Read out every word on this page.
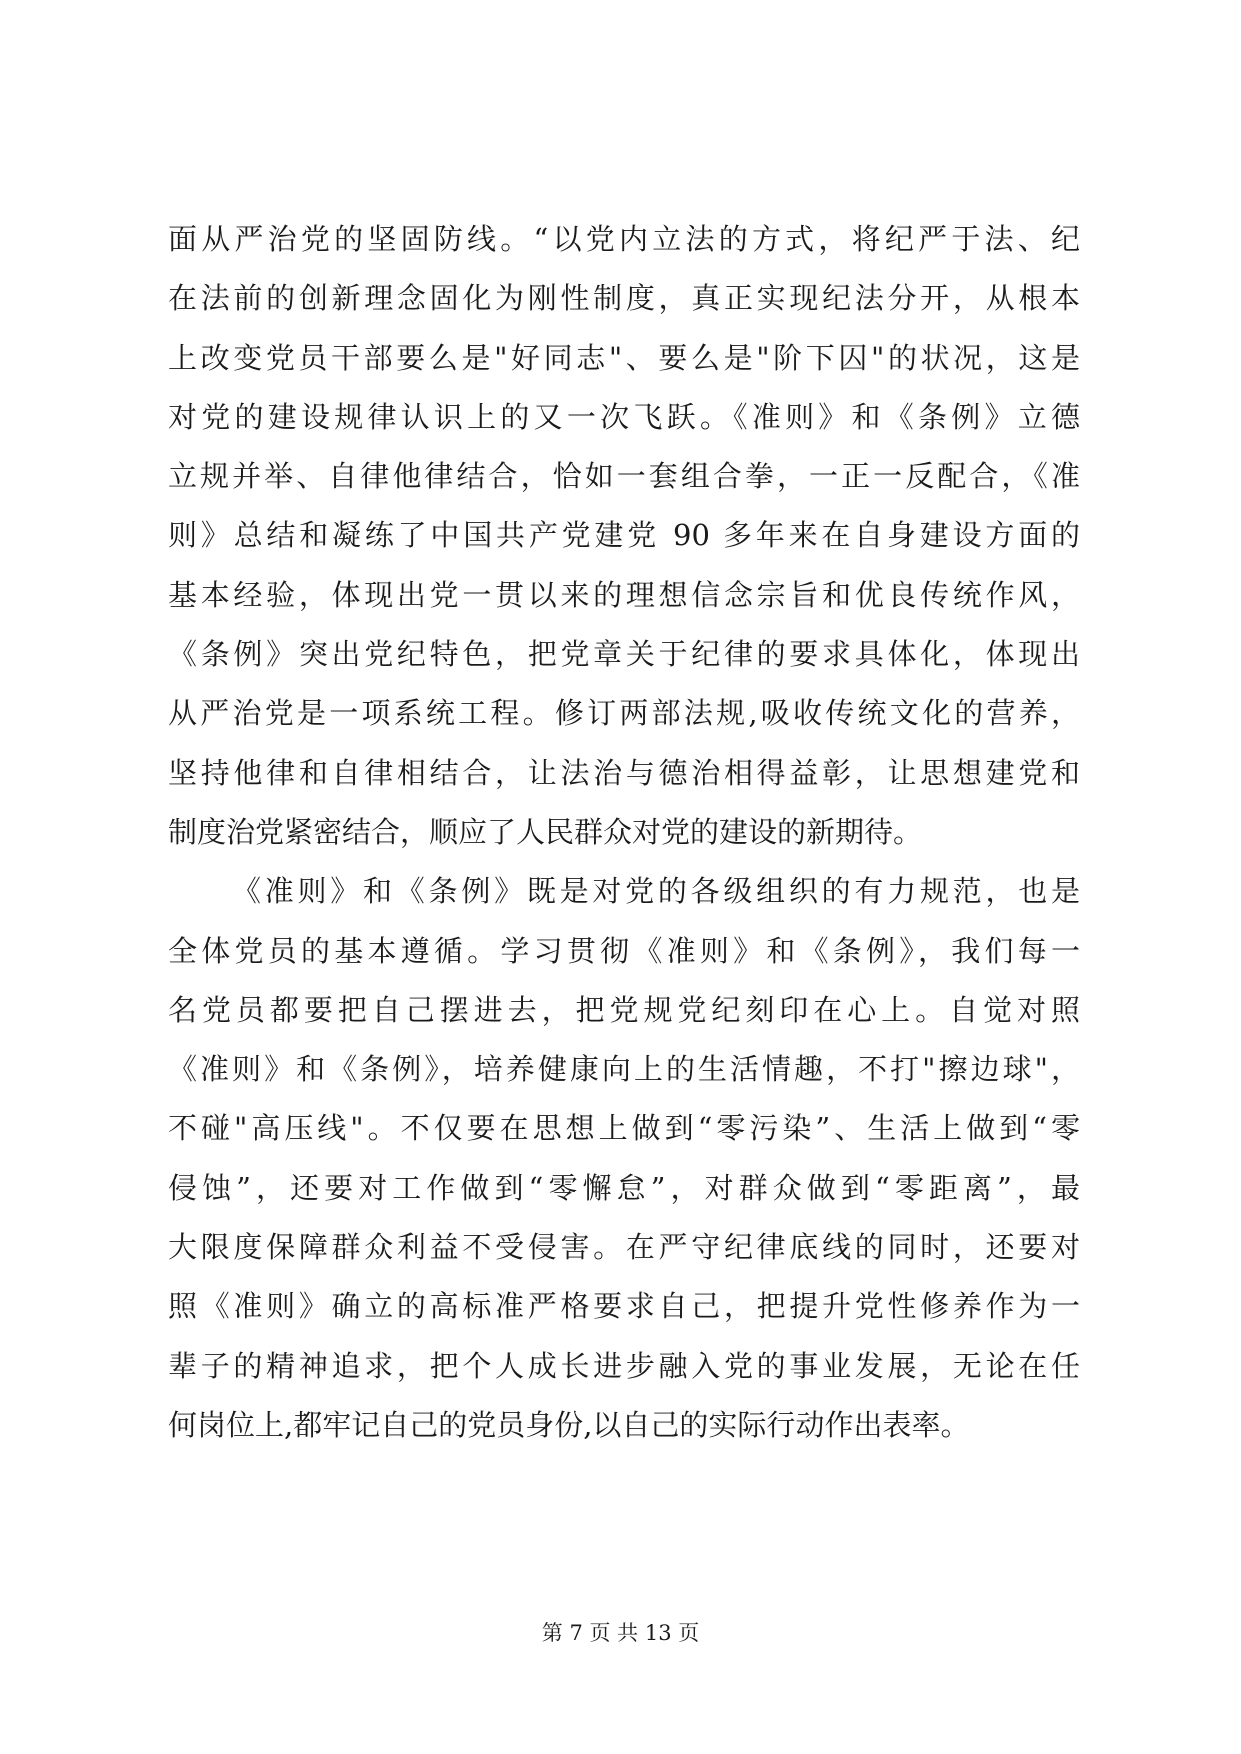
面从严治党的坚固防线。“以党内立法的方式，将纪严于法、纪
在法前的创新理念固化为刚性制度，真正实现纪法分开，从根本
上改变党员干部要么是"好同志"、要么是"阶下囚"的状况，这是
对党的建设规律认识上的又一次飞跃。《准则》和《条例》立德
立规并举、自律他律结合，恰如一套组合拳，一正一反配合，《准
则》总结和凝练了中国共产党建党 90 多年来在自身建设方面的
基本经验，体现出党一贯以来的理想信念宗旨和优良传统作风，
《条例》突出党纪特色，把党章关于纪律的要求具体化，体现出
从严治党是一项系统工程。修订两部法规,吸收传统文化的营养，
坚持他律和自律相结合，让法治与德治相得益彰，让思想建党和
制度治党紧密结合，顺应了人民群众对党的建设的新期待。
《准则》和《条例》既是对党的各级组织的有力规范，也是
全体党员的基本遵循。学习贯彻《准则》和《条例》，我们每一
名党员都要把自己摆进去，把党规党纪刻印在心上。自觉对照
《准则》和《条例》，培养健康向上的生活情趣，不打"擦边球"，
不碰"高压线"。不仅要在思想上做到“零污染”、生活上做到“零
侵蚀”，还要对工作做到“零懈怠”，对群众做到“零距离”，最
大限度保障群众利益不受侵害。在严守纪律底线的同时，还要对
照《准则》确立的高标准严格要求自己，把提升党性修养作为一
辈子的精神追求，把个人成长进步融入党的事业发展，无论在任
何岗位上,都牢记自己的党员身份,以自己的实际行动作出表率。
第 7 页 共 13 页
